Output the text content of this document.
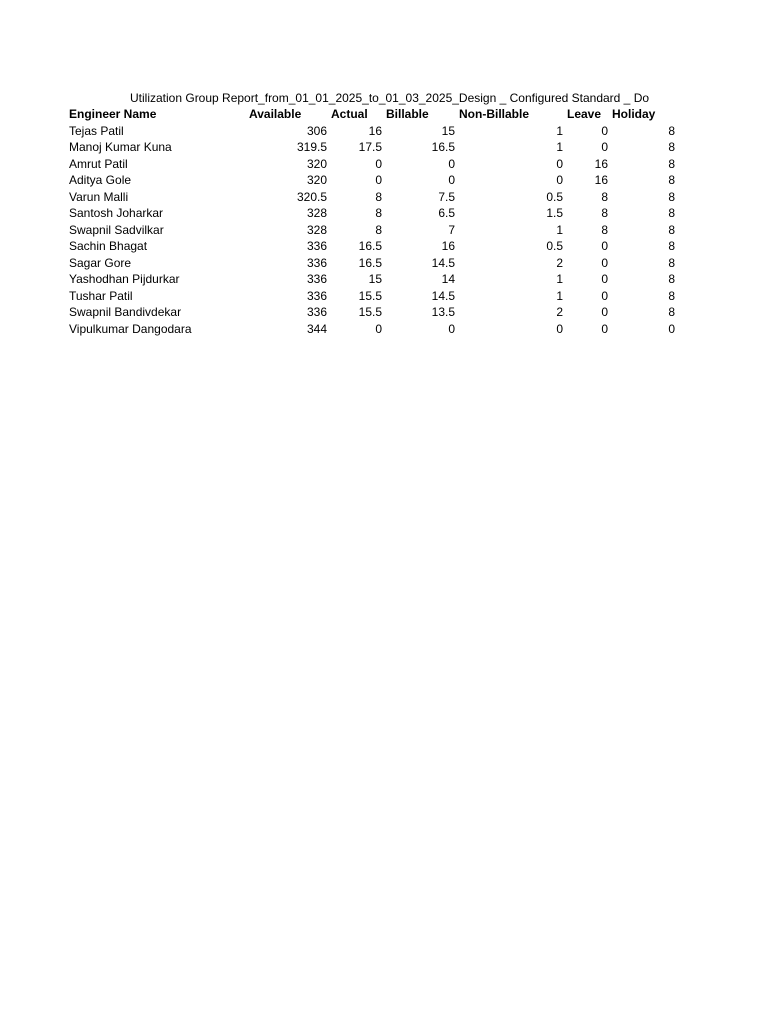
Utilization Group Report_from_01_01_2025_to_01_03_2025_Design _ Configured Standard _ Do
Engineer Name	Available	Actual	Billable	Non-Billable	Leave	Holiday
Tejas Patil	306	16	15	1	0	8
Manoj Kumar Kuna	319.5	17.5	16.5	1	0	8
Amrut Patil	320	0	0	0	16	8
Aditya Gole	320	0	0	0	16	8
Varun Malli	320.5	8	7.5	0.5	8	8
Santosh Joharkar	328	8	6.5	1.5	8	8
Swapnil Sadvilkar	328	8	7	1	8	8
Sachin Bhagat	336	16.5	16	0.5	0	8
Sagar Gore	336	16.5	14.5	2	0	8
Yashodhan Pijdurkar	336	15	14	1	0	8
Tushar Patil	336	15.5	14.5	1	0	8
Swapnil Bandivdekar	336	15.5	13.5	2	0	8
Vipulkumar Dangodara	344	0	0	0	0	0
